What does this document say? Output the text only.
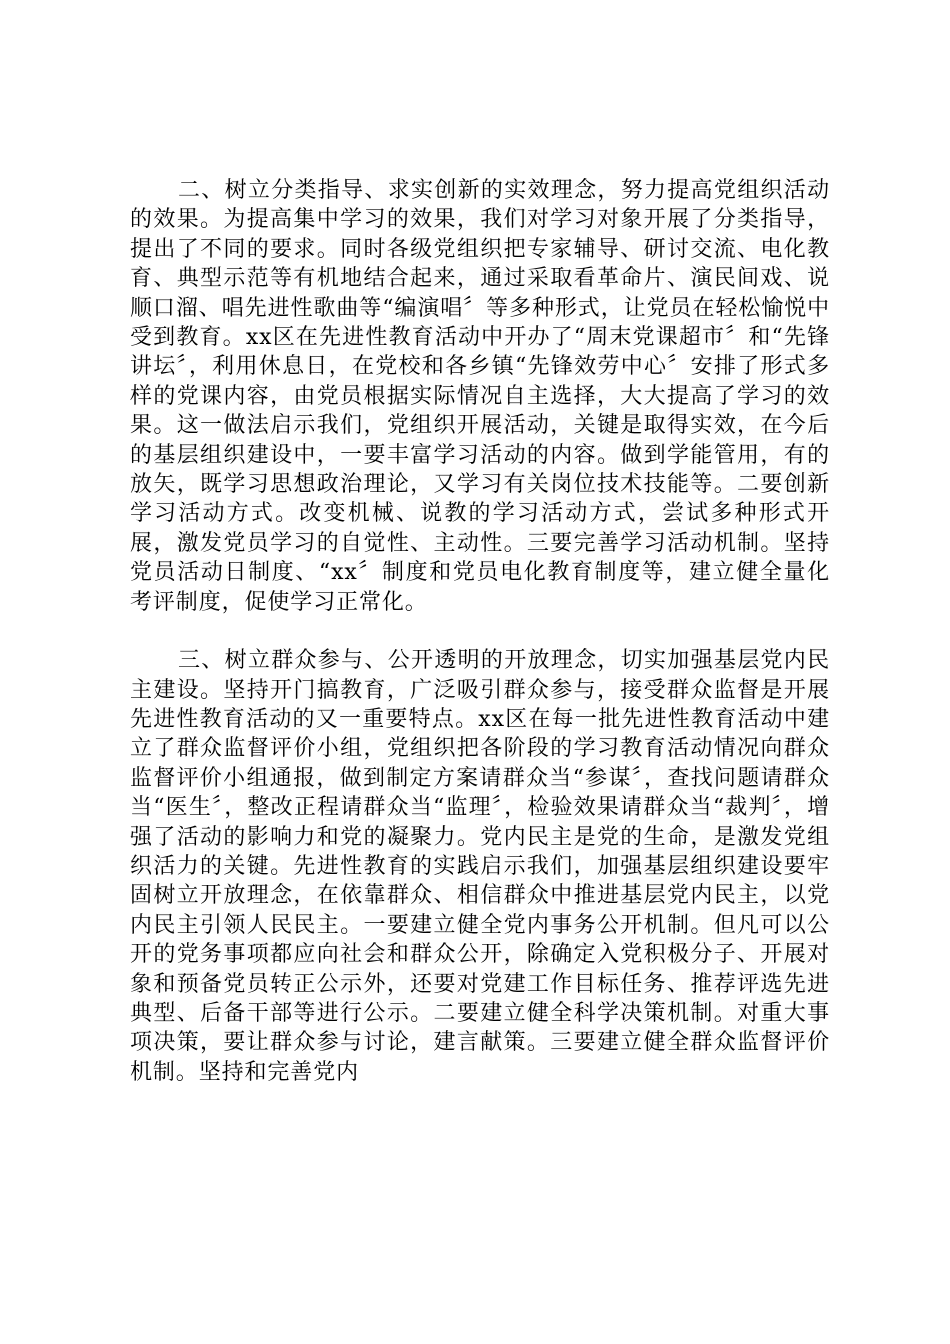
二、树立分类指导、求实创新的实效理念，努力提高党组织活动的效果。为提高集中学习的效果，我们对学习对象开展了分类指导，提出了不同的要求。同时各级党组织把专家辅导、研讨交流、电化教育、典型示范等有机地结合起来，通过采取看革命片、演民间戏、说顺口溜、唱先进性歌曲等“编演唱〞等多种形式，让党员在轻松愉悦中受到教育。xx区在先进性教育活动中开办了“周末党课超市〞和“先锋讲坛〞，利用休息日，在党校和各乡镇“先锋效劳中心〞安排了形式多样的党课内容，由党员根据实际情况自主选择，大大提高了学习的效果。这一做法启示我们，党组织开展活动，关键是取得实效，在今后的基层组织建设中，一要丰富学习活动的内容。做到学能管用，有的放矢，既学习思想政治理论，又学习有关岗位技术技能等。二要创新学习活动方式。改变机械、说教的学习活动方式，尝试多种形式开展，激发党员学习的自觉性、主动性。三要完善学习活动机制。坚持党员活动日制度、“xx〞制度和党员电化教育制度等，建立健全量化考评制度，促使学习正常化。

三、树立群众参与、公开透明的开放理念，切实加强基层党内民主建设。坚持开门搞教育，广泛吸引群众参与，接受群众监督是开展先进性教育活动的又一重要特点。xx区在每一批先进性教育活动中建立了群众监督评价小组，党组织把各阶段的学习教育活动情况向群众监督评价小组通报，做到制定方案请群众当“参谋〞，查找问题请群众当“医生〞，整改正程请群众当“监理〞，检验效果请群众当“裁判〞，增强了活动的影响力和党的凝聚力。党内民主是党的生命，是激发党组织活力的关键。先进性教育的实践启示我们，加强基层组织建设要牢固树立开放理念，在依靠群众、相信群众中推进基层党内民主，以党内民主引领人民民主。一要建立健全党内事务公开机制。但凡可以公开的党务事项都应向社会和群众公开，除确定入党积极分子、开展对象和预备党员转正公示外，还要对党建工作目标任务、推荐评选先进典型、后备干部等进行公示。二要建立健全科学决策机制。对重大事项决策，要让群众参与讨论，建言献策。三要建立健全群众监督评价机制。坚持和完善党内
